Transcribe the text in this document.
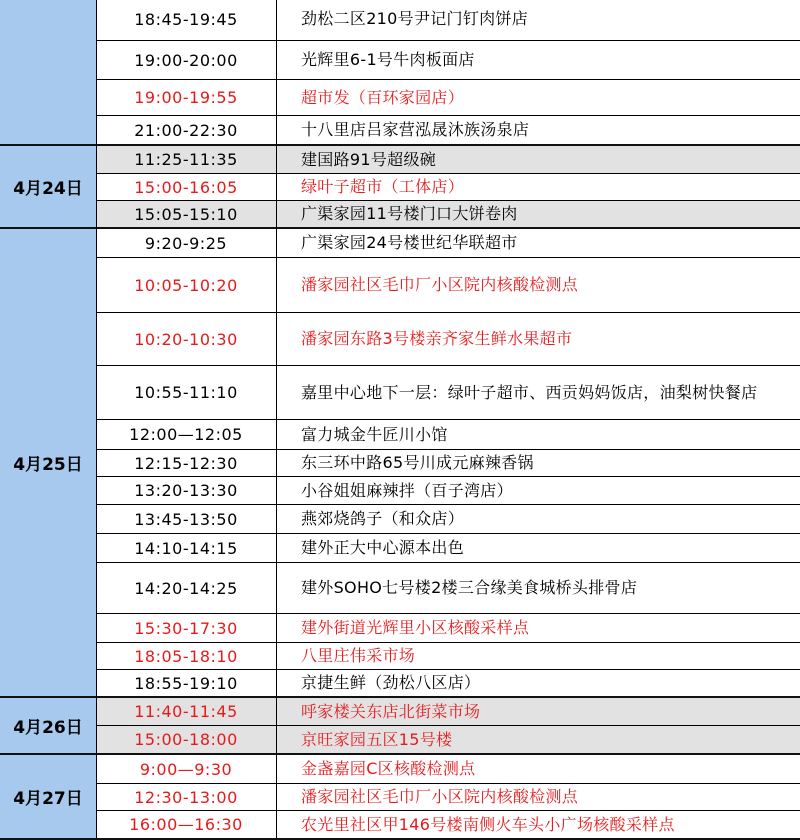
18:45-19:45	劲松二区210号尹记门钉肉饼店
19:00-20:00	光辉里6-1号牛肉板面店
19:00-19:55	超市发（百环家园店）
21:00-22:30	十八里店吕家营泓晟沐族汤泉店
4月24日
11:25-11:35	建国路91号超级碗
15:00-16:05	绿叶子超市（工体店）
15:05-15:10	广渠家园11号楼门口大饼卷肉
4月25日
9:20-9:25	广渠家园24号楼世纪华联超市
10:05-10:20	潘家园社区毛巾厂小区院内核酸检测点
10:20-10:30	潘家园东路3号楼亲齐家生鲜水果超市
10:55-11:10	嘉里中心地下一层：绿叶子超市、西贡妈妈饭店，油梨树快餐店
12:00—12:05	富力城金牛匠川小馆
12:15-12:30	东三环中路65号川成元麻辣香锅
13:20-13:30	小谷姐姐麻辣拌（百子湾店）
13:45-13:50	燕郊烧鸽子（和众店）
14:10-14:15	建外正大中心源本出色
14:20-14:25	建外SOHO七号楼2楼三合缘美食城桥头排骨店
15:30-17:30	建外街道光辉里小区核酸采样点
18:05-18:10	八里庄伟采市场
18:55-19:10	京捷生鲜（劲松八区店）
4月26日
11:40-11:45	呼家楼关东店北街菜市场
15:00-18:00	京旺家园五区15号楼
4月27日
9:00—9:30	金盏嘉园C区核酸检测点
12:30-13:00	潘家园社区毛巾厂小区院内核酸检测点
16:00—16:30	农光里社区甲146号楼南侧火车头小广场核酸采样点
